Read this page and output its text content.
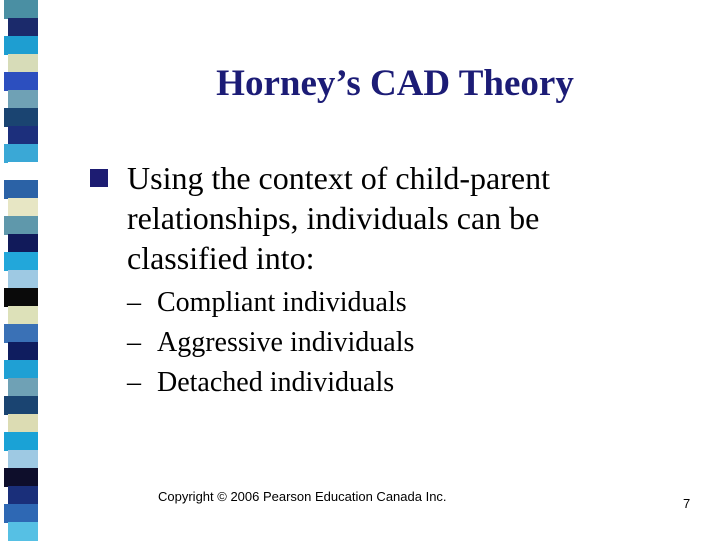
Horney’s CAD Theory
Using the context of child-parent relationships, individuals can be classified into:
– Compliant individuals
– Aggressive individuals
– Detached individuals
Copyright © 2006 Pearson Education Canada Inc.	7
